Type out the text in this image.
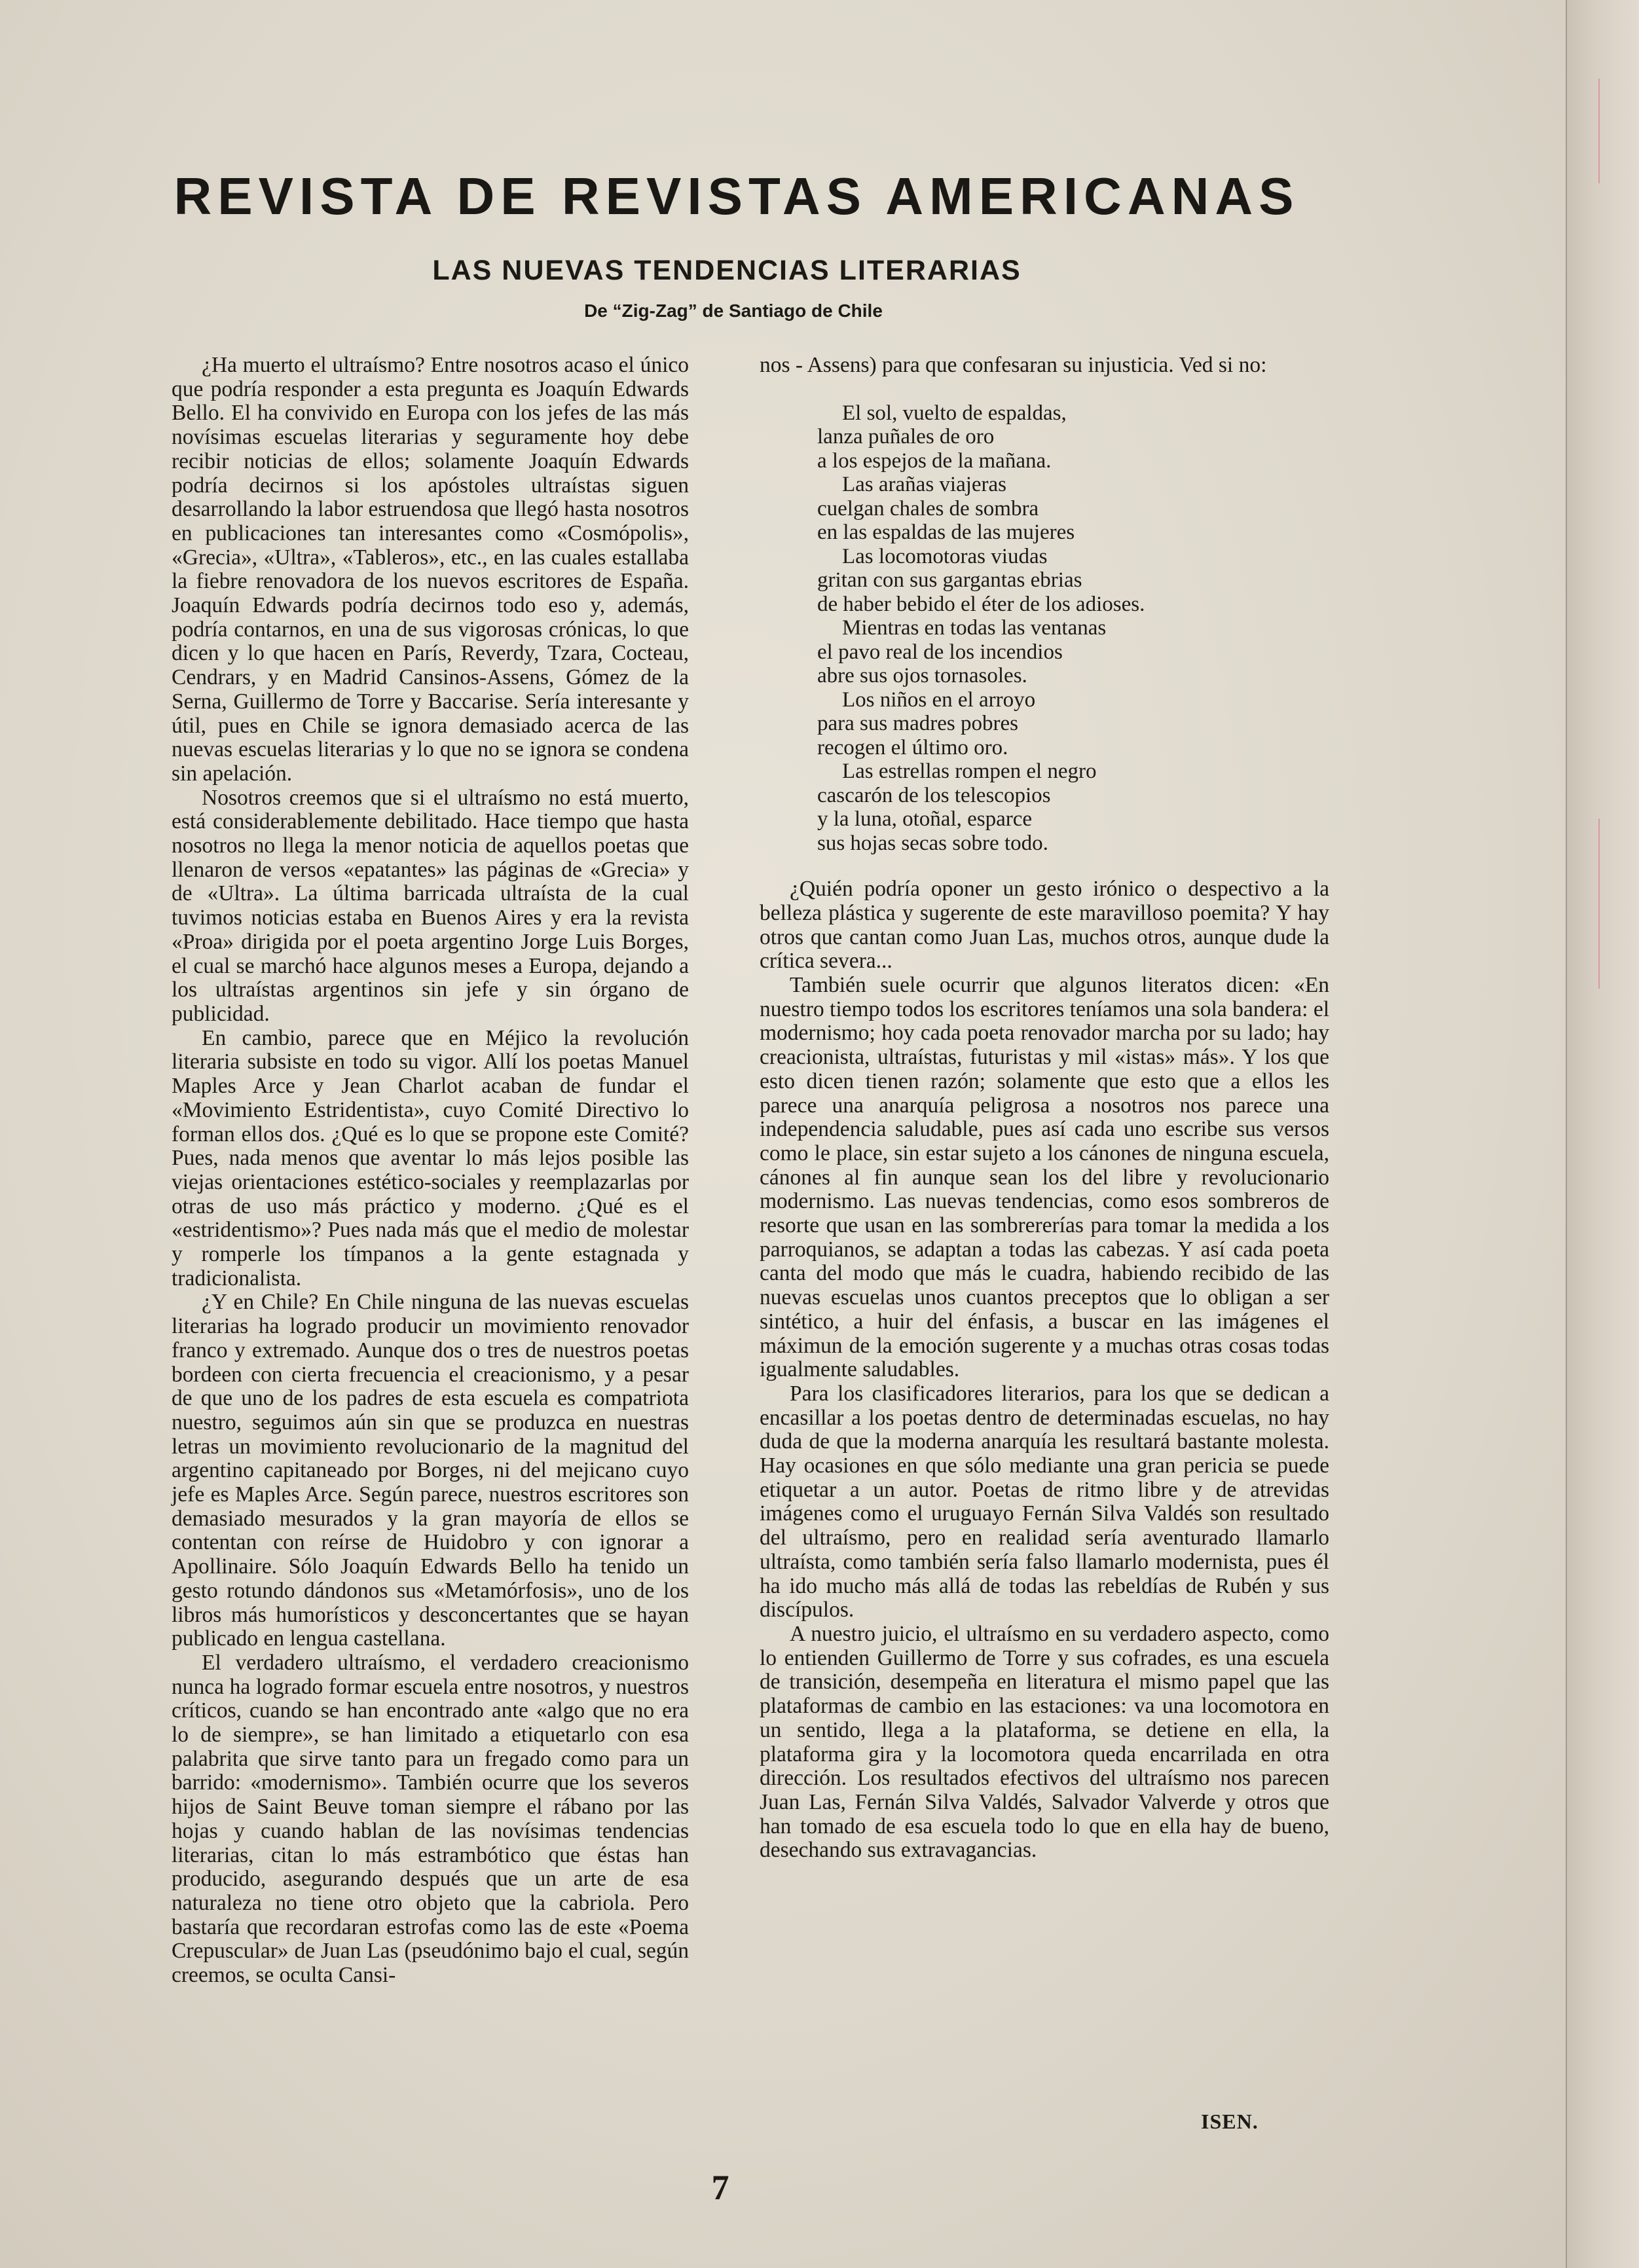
REVISTA DE REVISTAS AMERICANAS
LAS NUEVAS TENDENCIAS LITERARIAS
De “Zig-Zag” de Santiago de Chile

¿Ha muerto el ultraísmo? Entre nosotros acaso el único que podría responder a esta pregunta es Joaquín Edwards Bello. El ha convivido en Europa con los jefes de las más novísimas escuelas literarias y seguramente hoy debe recibir noticias de ellos; solamente Joaquín Edwards podría decirnos si los apóstoles ultraístas siguen desarrollando la labor estruendosa que llegó hasta nosotros en publicaciones tan interesantes como «Cosmópolis», «Grecia», «Ultra», «Tableros», etc., en las cuales estallaba la fiebre renovadora de los nuevos escritores de España. Joaquín Edwards podría decirnos todo eso y, además, podría contarnos, en una de sus vigorosas crónicas, lo que dicen y lo que hacen en París, Reverdy, Tzara, Cocteau, Cendrars, y en Madrid Cansinos-Assens, Gómez de la Serna, Guillermo de Torre y Baccarise. Sería interesante y útil, pues en Chile se ignora demasiado acerca de las nuevas escuelas literarias y lo que no se ignora se condena sin apelación.

Nosotros creemos que si el ultraísmo no está muerto, está considerablemente debilitado. Hace tiempo que hasta nosotros no llega la menor noticia de aquellos poetas que llenaron de versos «epatantes» las páginas de «Grecia» y de «Ultra». La última barricada ultraísta de la cual tuvimos noticias estaba en Buenos Aires y era la revista «Proa» dirigida por el poeta argentino Jorge Luis Borges, el cual se marchó hace algunos meses a Europa, dejando a los ultraístas argentinos sin jefe y sin órgano de publicidad.

En cambio, parece que en Méjico la revolución literaria subsiste en todo su vigor. Allí los poetas Manuel Maples Arce y Jean Charlot acaban de fundar el «Movimiento Estridentista», cuyo Comité Directivo lo forman ellos dos. ¿Qué es lo que se propone este Comité? Pues, nada menos que aventar lo más lejos posible las viejas orientaciones estético-sociales y reemplazarlas por otras de uso más práctico y moderno. ¿Qué es el «estridentismo»? Pues nada más que el medio de molestar y romperle los tímpanos a la gente estagnada y tradicionalista.

¿Y en Chile? En Chile ninguna de las nuevas escuelas literarias ha logrado producir un movimiento renovador franco y extremado. Aunque dos o tres de nuestros poetas bordeen con cierta frecuencia el creacionismo, y a pesar de que uno de los padres de esta escuela es compatriota nuestro, seguimos aún sin que se produzca en nuestras letras un movimiento revolucionario de la magnitud del argentino capitaneado por Borges, ni del mejicano cuyo jefe es Maples Arce. Según parece, nuestros escritores son demasiado mesurados y la gran mayoría de ellos se contentan con reírse de Huidobro y con ignorar a Apollinaire. Sólo Joaquín Edwards Bello ha tenido un gesto rotundo dándonos sus «Metamórfosis», uno de los libros más humorísticos y desconcertantes que se hayan publicado en lengua castellana.

El verdadero ultraísmo, el verdadero creacionismo nunca ha logrado formar escuela entre nosotros, y nuestros críticos, cuando se han encontrado ante «algo que no era lo de siempre», se han limitado a etiquetarlo con esa palabrita que sirve tanto para un fregado como para un barrido: «modernismo». También ocurre que los severos hijos de Saint Beuve toman siempre el rábano por las hojas y cuando hablan de las novísimas tendencias literarias, citan lo más estrambótico que éstas han producido, asegurando después que un arte de esa naturaleza no tiene otro objeto que la cabriola. Pero bastaría que recordaran estrofas como las de este «Poema Crepuscular» de Juan Las (pseudónimo bajo el cual, según creemos, se oculta Cansi-

nos - Assens) para que confesaran su injusticia. Ved si no:

El sol, vuelto de espaldas,
lanza puñales de oro
a los espejos de la mañana.
Las arañas viajeras
cuelgan chales de sombra
en las espaldas de las mujeres
Las locomotoras viudas
gritan con sus gargantas ebrias
de haber bebido el éter de los adioses.
Mientras en todas las ventanas
el pavo real de los incendios
abre sus ojos tornasoles.
Los niños en el arroyo
para sus madres pobres
recogen el último oro.
Las estrellas rompen el negro
cascarón de los telescopios
y la luna, otoñal, esparce
sus hojas secas sobre todo.

¿Quién podría oponer un gesto irónico o despectivo a la belleza plástica y sugerente de este maravilloso poemita? Y hay otros que cantan como Juan Las, muchos otros, aunque dude la crítica severa...

También suele ocurrir que algunos literatos dicen: «En nuestro tiempo todos los escritores teníamos una sola bandera: el modernismo; hoy cada poeta renovador marcha por su lado; hay creacionista, ultraístas, futuristas y mil «istas» más». Y los que esto dicen tienen razón; solamente que esto que a ellos les parece una anarquía peligrosa a nosotros nos parece una independencia saludable, pues así cada uno escribe sus versos como le place, sin estar sujeto a los cánones de ninguna escuela, cánones al fin aunque sean los del libre y revolucionario modernismo. Las nuevas tendencias, como esos sombreros de resorte que usan en las sombrererías para tomar la medida a los parroquianos, se adaptan a todas las cabezas. Y así cada poeta canta del modo que más le cuadra, habiendo recibido de las nuevas escuelas unos cuantos preceptos que lo obligan a ser sintético, a huir del énfasis, a buscar en las imágenes el máximun de la emoción sugerente y a muchas otras cosas todas igualmente saludables.

Para los clasificadores literarios, para los que se dedican a encasillar a los poetas dentro de determinadas escuelas, no hay duda de que la moderna anarquía les resultará bastante molesta. Hay ocasiones en que sólo mediante una gran pericia se puede etiquetar a un autor. Poetas de ritmo libre y de atrevidas imágenes como el uruguayo Fernán Silva Valdés son resultado del ultraísmo, pero en realidad sería aventurado llamarlo ultraísta, como también sería falso llamarlo modernista, pues él ha ido mucho más allá de todas las rebeldías de Rubén y sus discípulos.

A nuestro juicio, el ultraísmo en su verdadero aspecto, como lo entienden Guillermo de Torre y sus cofrades, es una escuela de transición, desempeña en literatura el mismo papel que las plataformas de cambio en las estaciones: va una locomotora en un sentido, llega a la plataforma, se detiene en ella, la plataforma gira y la locomotora queda encarrilada en otra dirección. Los resultados efectivos del ultraísmo nos parecen Juan Las, Fernán Silva Valdés, Salvador Valverde y otros que han tomado de esa escuela todo lo que en ella hay de bueno, desechando sus extravagancias.

ISEN.
7
